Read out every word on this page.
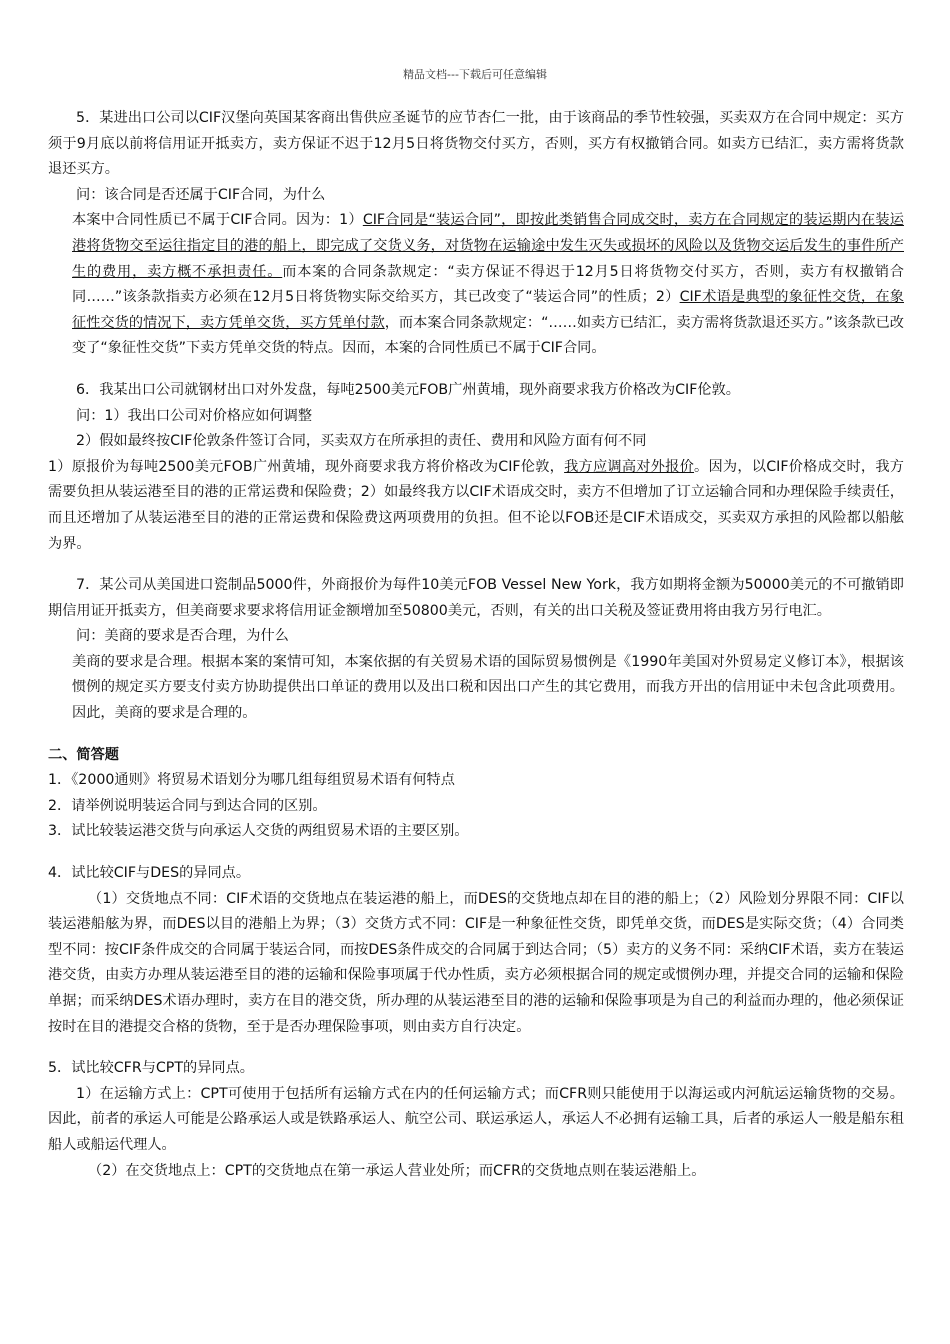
精品文档---下载后可任意编辑

5．某进出口公司以CIF汉堡向英国某客商出售供应圣诞节的应节杏仁一批，由于该商品的季节性较强，买卖双方在合同中规定：买方须于9月底以前将信用证开抵卖方，卖方保证不迟于12月5日将货物交付买方，否则，买方有权撤销合同。如卖方已结汇，卖方需将货款退还买方。

问：该合同是否还属于CIF合同，为什么

本案中合同性质已不属于CIF合同。因为：1）CIF合同是“装运合同”，即按此类销售合同成交时，卖方在合同规定的装运期内在装运港将货物交至运往指定目的港的船上，即完成了交货义务，对货物在运输途中发生灭失或损坏的风险以及货物交运后发生的事件所产生的费用，卖方概不承担责任。而本案的合同条款规定：“卖方保证不得迟于12月5日将货物交付买方，否则，卖方有权撤销合同……”该条款指卖方必须在12月5日将货物实际交给买方，其已改变了“装运合同”的性质；2）CIF术语是典型的象征性交货，在象征性交货的情况下，卖方凭单交货，买方凭单付款，而本案合同条款规定：“……如卖方已结汇，卖方需将货款退还买方。”该条款已改变了“象征性交货”下卖方凭单交货的特点。因而，本案的合同性质已不属于CIF合同。

6．我某出口公司就钢材出口对外发盘，每吨2500美元FOB广州黄埔，现外商要求我方价格改为CIF伦敦。

问：1）我出口公司对价格应如何调整

2）假如最终按CIF伦敦条件签订合同，买卖双方在所承担的责任、费用和风险方面有何不同

1）原报价为每吨2500美元FOB广州黄埔，现外商要求我方将价格改为CIF伦敦，我方应调高对外报价。因为，以CIF价格成交时，我方需要负担从装运港至目的港的正常运费和保险费；2）如最终我方以CIF术语成交时，卖方不但增加了订立运输合同和办理保险手续责任，而且还增加了从装运港至目的港的正常运费和保险费这两项费用的负担。但不论以FOB还是CIF术语成交，买卖双方承担的风险都以船舷为界。

7．某公司从美国进口瓷制品5000件，外商报价为每件10美元FOB Vessel New York，我方如期将金额为50000美元的不可撤销即期信用证开抵卖方，但美商要求要求将信用证金额增加至50800美元，否则，有关的出口关税及签证费用将由我方另行电汇。

问：美商的要求是否合理，为什么

美商的要求是合理。根据本案的案情可知，本案依据的有关贸易术语的国际贸易惯例是《1990年美国对外贸易定义修订本》，根据该惯例的规定买方要支付卖方协助提供出口单证的费用以及出口税和因出口产生的其它费用，而我方开出的信用证中未包含此项费用。因此，美商的要求是合理的。

二、简答题

1．《2000通则》将贸易术语划分为哪几组每组贸易术语有何特点

2．请举例说明装运合同与到达合同的区别。

3．试比较装运港交货与向承运人交货的两组贸易术语的主要区别。

4．试比较CIF与DES的异同点。

（1）交货地点不同：CIF术语的交货地点在装运港的船上，而DES的交货地点却在目的港的船上；（2）风险划分界限不同：CIF以装运港船舷为界，而DES以目的港船上为界；（3）交货方式不同：CIF是一种象征性交货，即凭单交货，而DES是实际交货；（4）合同类型不同：按CIF条件成交的合同属于装运合同，而按DES条件成交的合同属于到达合同；（5）卖方的义务不同：采纳CIF术语，卖方在装运港交货，由卖方办理从装运港至目的港的运输和保险事项属于代办性质，卖方必须根据合同的规定或惯例办理，并提交合同的运输和保险单据；而采纳DES术语办理时，卖方在目的港交货，所办理的从装运港至目的港的运输和保险事项是为自己的利益而办理的，他必须保证按时在目的港提交合格的货物，至于是否办理保险事项，则由卖方自行决定。

5．试比较CFR与CPT的异同点。

1）在运输方式上：CPT可使用于包括所有运输方式在内的任何运输方式；而CFR则只能使用于以海运或内河航运运输货物的交易。因此，前者的承运人可能是公路承运人或是铁路承运人、航空公司、联运承运人，承运人不必拥有运输工具，后者的承运人一般是船东租船人或船运代理人。

（2）在交货地点上：CPT的交货地点在第一承运人营业处所；而CFR的交货地点则在装运港船上。
